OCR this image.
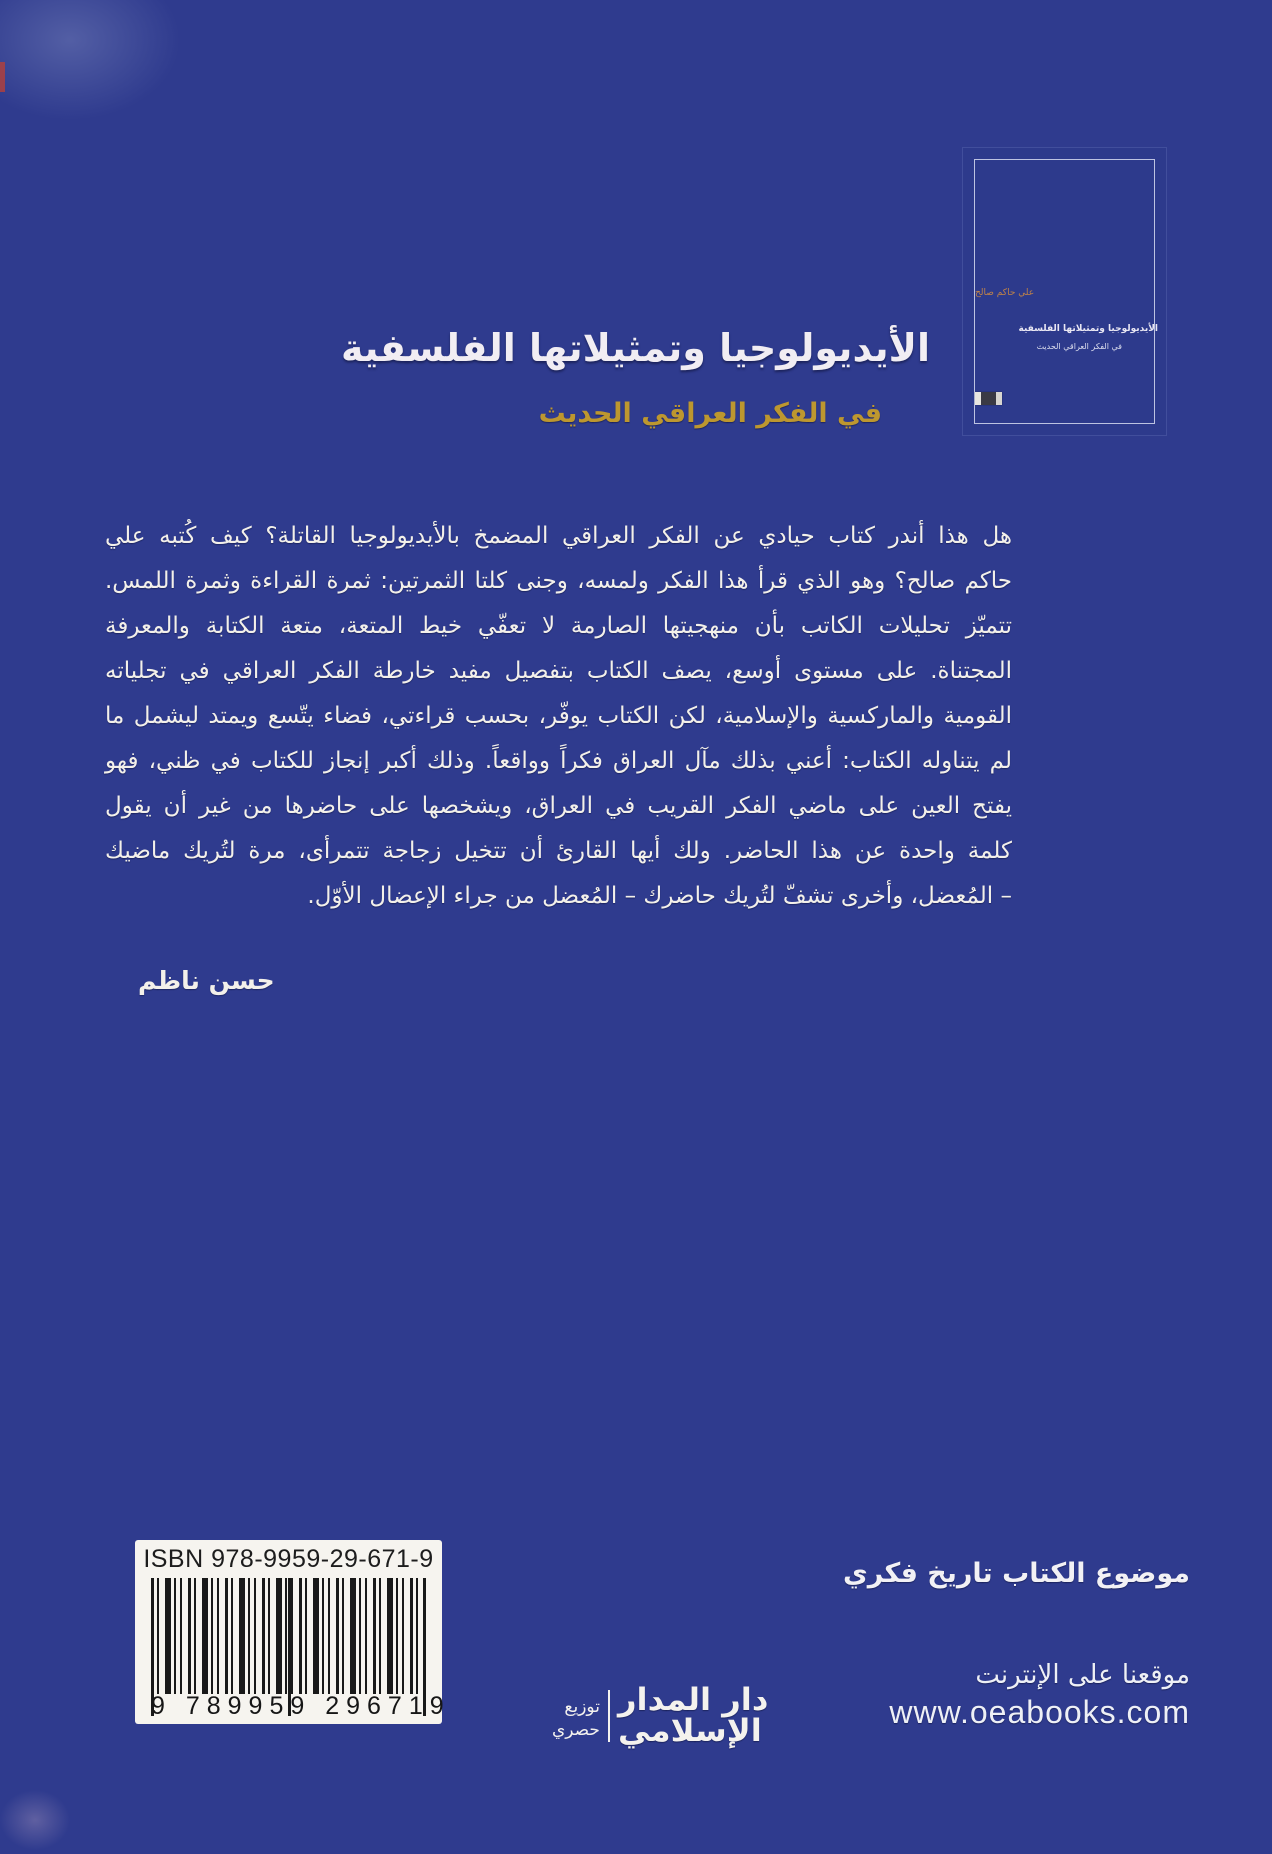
علي حاكم صالح
الأيديولوجيا وتمثيلاتها الفلسفية
في الفكر العراقي الحديث
الأيديولوجيا وتمثيلاتها الفلسفية
في الفكر العراقي الحديث
هل هذا أندر كتاب حيادي عن الفكر العراقي المضمخ بالأيديولوجيا القاتلة؟ كيف كُتبه علي
حاكم صالح؟ وهو الذي قرأ هذا الفكر ولمسه، وجنى كلتا الثمرتين: ثمرة القراءة وثمرة اللمس.
تتميّز تحليلات الكاتب بأن منهجيتها الصارمة لا تعفّي خيط المتعة، متعة الكتابة والمعرفة
المجتناة. على مستوى أوسع، يصف الكتاب بتفصيل مفيد خارطة الفكر العراقي في تجلياته
القومية والماركسية والإسلامية، لكن الكتاب يوفّر، بحسب قراءتي، فضاء يتّسع ويمتد ليشمل ما
لم يتناوله الكتاب: أعني بذلك مآل العراق فكراً وواقعاً. وذلك أكبر إنجاز للكتاب في ظني، فهو
يفتح العين على ماضي الفكر القريب في العراق، ويشخصها على حاضرها من غير أن يقول
كلمة واحدة عن هذا الحاضر. ولك أيها القارئ أن تتخيل زجاجة تتمرأى، مرة لتُريك ماضيك
– المُعضل، وأخرى تشفّ لتُريك حاضرك – المُعضل من جراء الإعضال الأوّل.
حسن ناظم
موضوع الكتاب تاريخ فكري
ISBN 978-9959-29-671-9
9 789959 296719	توزيع
حصري
دار المدار
الإسلامي
موقعنا على الإنترنت
www.oeabooks.com
